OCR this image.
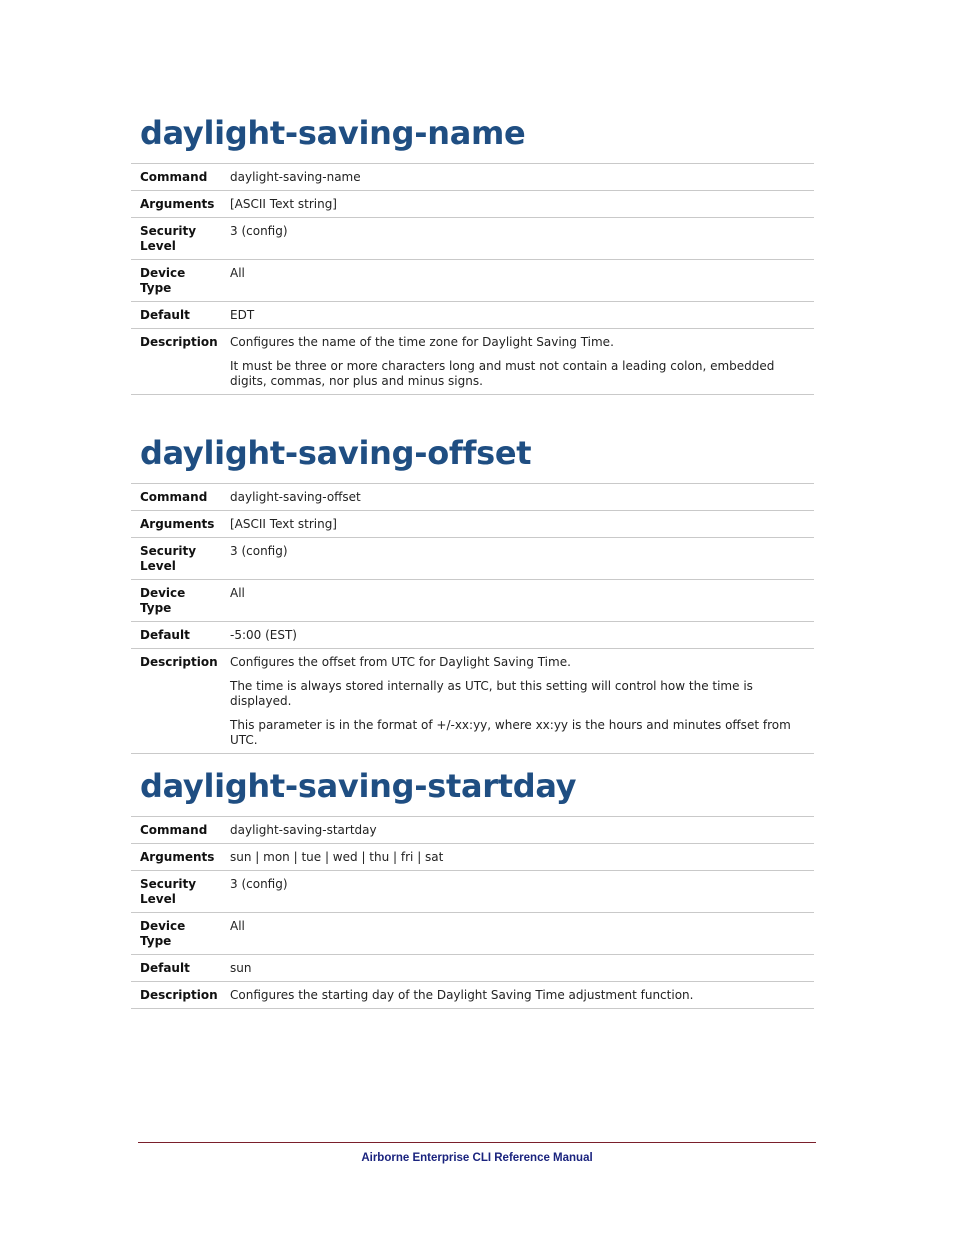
daylight-saving-name
Command	daylight-saving-name
Arguments	[ASCII Text string]
Security Level	3 (config)
Device Type	All
Default	EDT
Description	Configures the name of the time zone for Daylight Saving Time.

It must be three or more characters long and must not contain a leading colon, embedded digits, commas, nor plus and minus signs.

daylight-saving-offset
Command	daylight-saving-offset
Arguments	[ASCII Text string]
Security Level	3 (config)
Device Type	All
Default	-5:00 (EST)
Description	Configures the offset from UTC for Daylight Saving Time.

The time is always stored internally as UTC, but this setting will control how the time is displayed.

This parameter is in the format of +/-xx:yy, where xx:yy is the hours and minutes offset from UTC.

daylight-saving-startday
Command	daylight-saving-startday
Arguments	sun | mon | tue | wed | thu | fri | sat
Security Level	3 (config)
Device Type	All
Default	sun
Description	Configures the starting day of the Daylight Saving Time adjustment function.

Airborne Enterprise CLI Reference Manual
